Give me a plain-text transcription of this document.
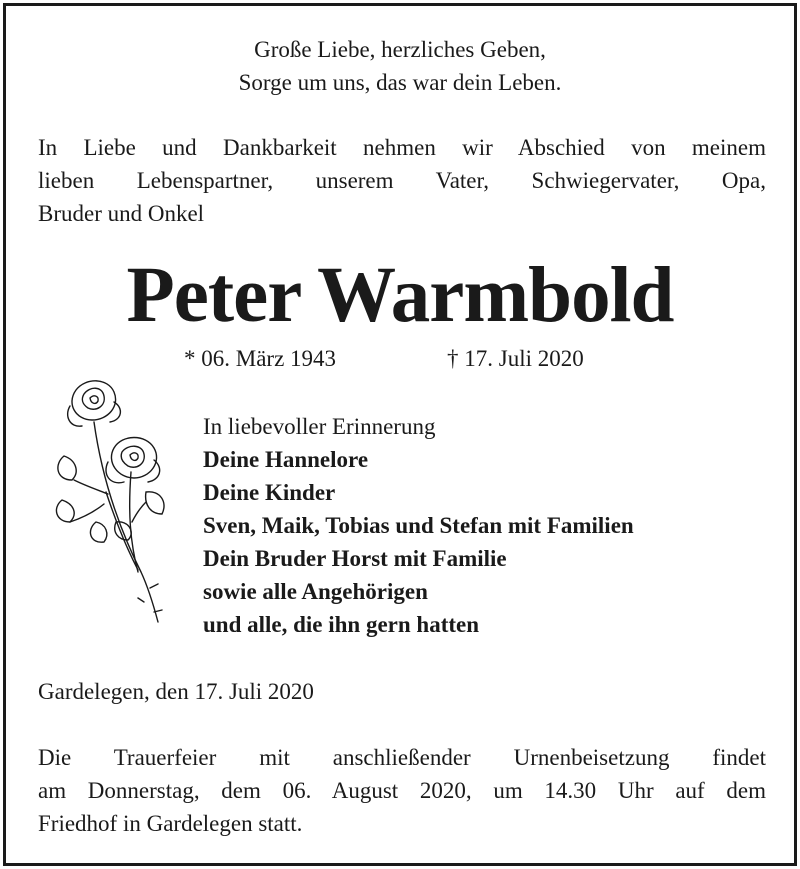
Große Liebe, herzliches Geben,
Sorge um uns, das war dein Leben.
In Liebe und Dankbarkeit nehmen wir Abschied von meinem
lieben Lebenspartner, unserem Vater, Schwiegervater, Opa,
Bruder und Onkel
Peter Warmbold
* 06. März 1943	† 17. Juli 2020
In liebevoller Erinnerung
Deine Hannelore
Deine Kinder
Sven, Maik, Tobias und Stefan mit Familien
Dein Bruder Horst mit Familie
sowie alle Angehörigen
und alle, die ihn gern hatten
Gardelegen, den 17. Juli 2020
Die Trauerfeier mit anschließender Urnenbeisetzung findet
am Donnerstag, dem 06. August 2020, um 14.30 Uhr auf dem
Friedhof in Gardelegen statt.
